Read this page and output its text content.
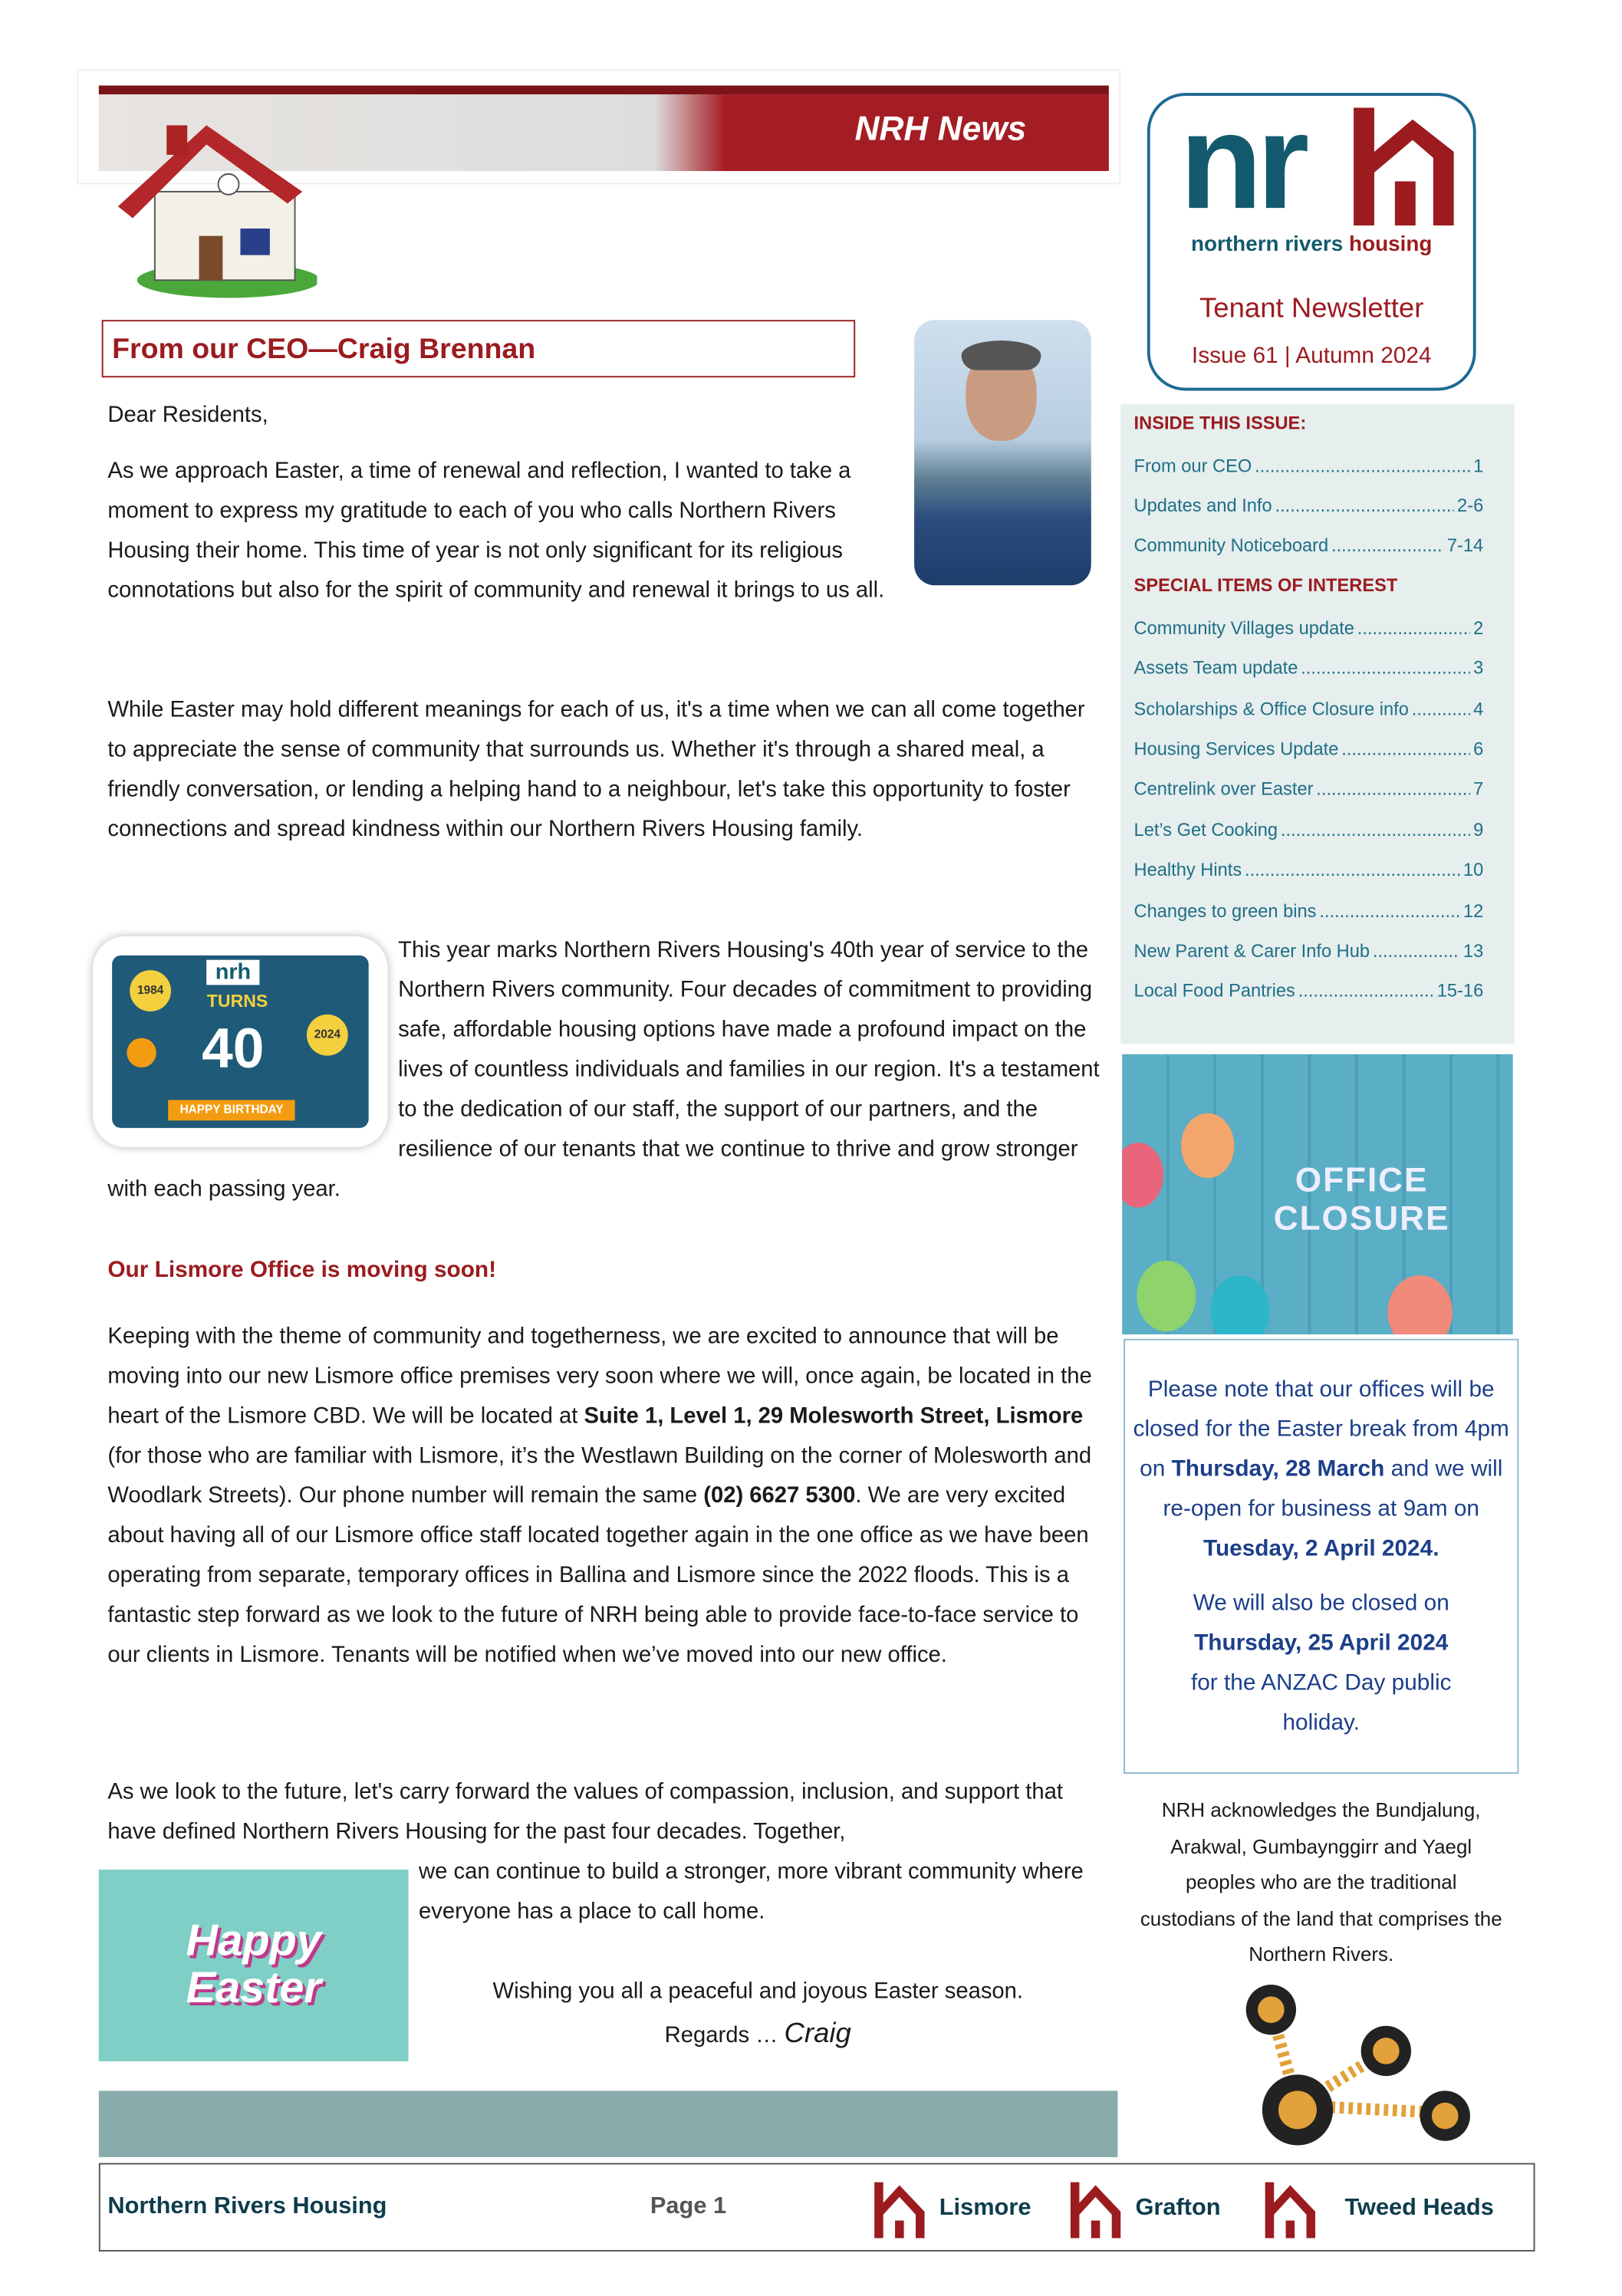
NRH News
From our CEO—Craig Brennan
Dear Residents,
As we approach Easter, a time of renewal and reflection, I wanted to take a moment to express my gratitude to each of you who calls Northern Rivers Housing their home. This time of year is not only significant for its religious connotations but also for the spirit of community and renewal it brings to us all.
While Easter may hold different meanings for each of us, it's a time when we can all come together to appreciate the sense of community that surrounds us. Whether it's through a shared meal, a friendly conversation, or lending a helping hand to a neighbour, let's take this opportunity to foster connections and spread kindness within our Northern Rivers Housing family.
nrh
1984
TURNS
40	2024
HAPPY BIRTHDAY
This year marks Northern Rivers Housing's 40th year of service to the Northern Rivers community. Four decades of commitment to providing safe, affordable housing options have made a profound impact on the lives of countless individuals and families in our region. It's a testament to the dedication of our staff, the support of our partners, and the resilience of our tenants that we continue to thrive and grow stronger with each passing year.
Our Lismore Office is moving soon!
Keeping with the theme of community and togetherness, we are excited to announce that will be moving into our new Lismore office premises very soon where we will, once again, be located in the heart of the Lismore CBD. We will be located at Suite 1, Level 1, 29 Molesworth Street, Lismore (for those who are familiar with Lismore, it’s the Westlawn Building on the corner of Molesworth and Woodlark Streets). Our phone number will remain the same (02) 6627 5300. We are very excited about having all of our Lismore office staff located together again in the one office as we have been operating from separate, temporary offices in Ballina and Lismore since the 2022 floods. This is a fantastic step forward as we look to the future of NRH being able to provide face-to-face service to our clients in Lismore. Tenants will be notified when we’ve moved into our new office.
As we look to the future, let's carry forward the values of compassion, inclusion, and support that have defined Northern Rivers Housing for the past four decades. Together,
we can continue to build a stronger, more vibrant community where everyone has a place to call home.
Happy Easter	Wishing you all a peaceful and joyous Easter season.
Regards … Craig
Northern Rivers Housing	Page 1	Lismore	Grafton	Tweed Heads
nr
northern rivers housing
Tenant Newsletter
Issue 61 | Autumn 2024
INSIDE THIS ISSUE:
From our CEO .....	1
Updates and Info .....	2-6
Community Noticeboard .....	7-14
SPECIAL ITEMS OF INTEREST
Community Villages update .....	2
Assets Team update .....	3
Scholarships & Office Closure info .....	4
Housing Services Update .....	6
Centrelink over Easter .....	7
Let’s Get Cooking .....	9
Healthy Hints .....	10
Changes to green bins .....	12
New Parent & Carer Info Hub .....	13
Local Food Pantries .....	15-16
OFFICE
CLOSURE
Please note that our offices will be closed for the Easter break from 4pm on Thursday, 28 March and we will re-open for business at 9am on Tuesday, 2 April 2024.
We will also be closed on
Thursday, 25 April 2024
for the ANZAC Day public holiday.
NRH acknowledges the Bundjalung, Arakwal, Gumbaynggirr and Yaegl peoples who are the traditional custodians of the land that comprises the Northern Rivers.
